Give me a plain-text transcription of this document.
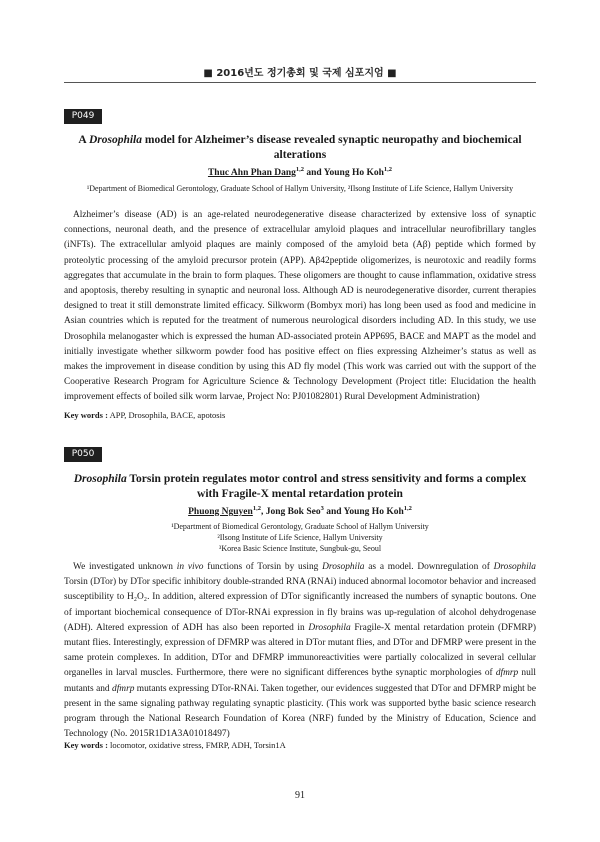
■ 2016년도 정기총회 및 국제 심포지엄 ■
P049
A Drosophila model for Alzheimer’s disease revealed synaptic neuropathy and biochemical alterations
Thuc Ahn Phan Dang$^{1,2}$ and Young Ho Koh$^{1,2}$
¹Department of Biomedical Gerontology, Graduate School of Hallym University, ²Ilsong Institute of Life Science, Hallym University

Alzheimer’s disease (AD) is an age-related neurodegenerative disease characterized by extensive loss of synaptic connections, neuronal death, and the presence of extracellular amyloid plaques and intracellular neurofibrillary tangles (iNFTs). The extracellular amlyoid plaques are mainly composed of the amyloid beta (Aβ) peptide which formed by proteolytic processing of the amyloid precursor protein (APP). Aβ42peptide oligomerizes, is neurotoxic and readily forms aggregates that accumulate in the brain to form plaques. These oligomers are thought to cause inflammation, oxidative stress and apoptosis, thereby resulting in synaptic and neuronal loss. Although AD is neurodegenerative disorder, current therapies designed to treat it still demonstrate limited efficacy. Silkworm (Bombyx mori) has long been used as food and medicine in Asian countries which is reputed for the treatment of numerous neurological disorders including AD. In this study, we use Drosophila melanogaster which is expressed the human AD-associated protein APP695, BACE and MAPT as the model and initially investigate whether silkworm powder food has positive effect on flies expressing Alzheimer’s status as well as makes the improvement in disease condition by using this AD fly model (This work was carried out with the support of the Cooperative Research Program for Agriculture Science & Technology Development (Project title: Elucidation the health improvement effects of boiled silk worm larvae, Project No: PJ01082801) Rural Development Administration)

Key words : APP, Drosophila, BACE, apotosis
P050
Drosophila Torsin protein regulates motor control and stress sensitivity and forms a complex with Fragile-X mental retardation protein
Phuong Nguyen$^{1,2}$, Jong Bok Seo$^3$ and Young Ho Koh$^{1,2}$
¹Department of Biomedical Gerontology, Graduate School of Hallym University
²Ilsong Institute of Life Science, Hallym University
³Korea Basic Science Institute, Sungbuk-gu, Seoul

We investigated unknown in vivo functions of Torsin by using Drosophila as a model. Downregulation of Drosophila Torsin (DTor) by DTor specific inhibitory double-stranded RNA (RNAi) induced abnormal locomotor behavior and increased susceptibility to H₂O₂. In addition, altered expression of DTor significantly increased the numbers of synaptic boutons. One of important biochemical consequence of DTor-RNAi expression in fly brains was up-regulation of alcohol dehydrogenase (ADH). Altered expression of ADH has also been reported in Drosophila Fragile-X mental retardation protein (DFMRP) mutant flies. Interestingly, expression of DFMRP was altered in DTor mutant flies, and DTor and DFMRP were present in the same protein complexes. In addition, DTor and DFMRP immunoreactivities were partially colocalized in several cellular organelles in larval muscles. Furthermore, there were no significant differences bythe synaptic morphologies of dfmrp null mutants and dfmrp mutants expressing DTor-RNAi. Taken together, our evidences suggested that DTor and DFMRP might be present in the same signaling pathway regulating synaptic plasticity. (This work was supported bythe basic science research program through the National Research Foundation of Korea (NRF) funded by the Ministry of Education, Science and Technology (No. 2015R1D1A3A01018497)

Key words : locomotor, oxidative stress, FMRP, ADH, Torsin1A
91
